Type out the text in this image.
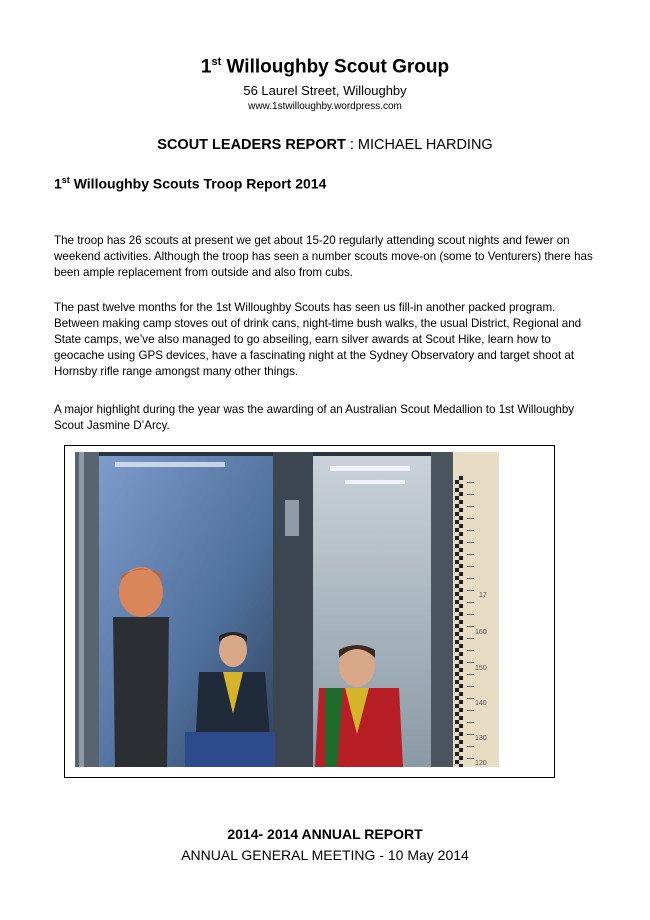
1st Willoughby Scout Group
56 Laurel Street, Willoughby
www.1stwilloughby.wordpress.com
SCOUT LEADERS REPORT : MICHAEL HARDING
1st Willoughby Scouts Troop Report 2014
The troop has 26 scouts at present we get about 15-20 regularly attending scout nights and fewer on weekend activities. Although the troop has seen a number scouts move-on (some to Venturers) there has been ample replacement from outside and also from cubs.
The past twelve months for the 1st Willoughby Scouts has seen us fill-in another packed program. Between making camp stoves out of drink cans, night-time bush walks, the usual District, Regional and State camps, we’ve also managed to go abseiling, earn silver awards at Scout Hike, learn how to geocache using GPS devices, have a fascinating night at the Sydney Observatory and target shoot at Hornsby rifle range amongst many other things.
A major highlight during the year was the awarding of an Australian Scout Medallion to 1st Willoughby Scout Jasmine D’Arcy.
17
160
150
140
130
120
2014- 2014 ANNUAL REPORT
ANNUAL GENERAL MEETING - 10 May 2014
